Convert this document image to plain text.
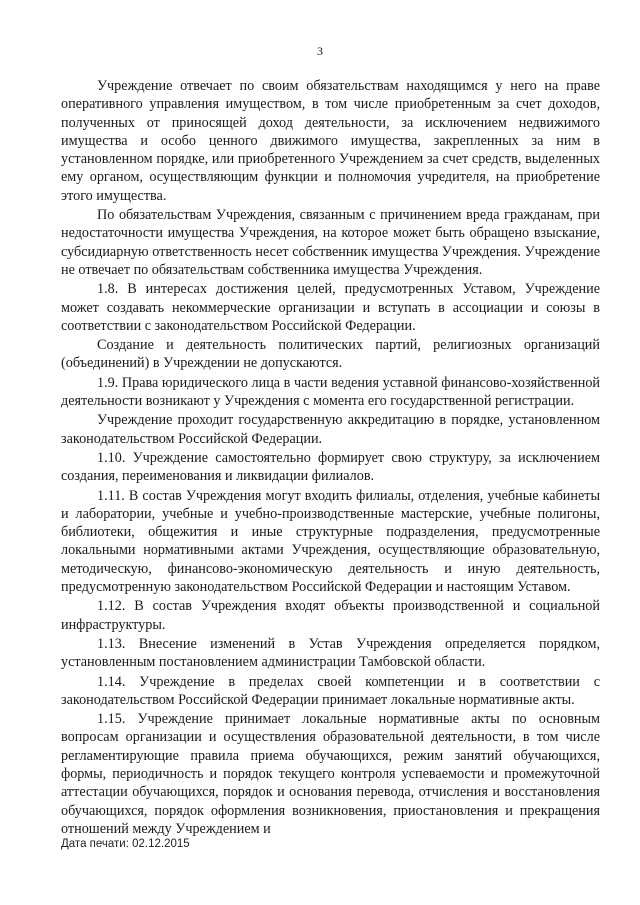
3

Учреждение отвечает по своим обязательствам находящимся у него на праве оперативного управления имуществом, в том числе приобретенным за счет доходов, полученных от приносящей доход деятельности, за исключением недвижимого имущества и особо ценного движимого имущества, закрепленных за ним в установленном порядке, или приобретенного Учреждением за счет средств, выделенных ему органом, осуществляющим функции и полномочия учредителя, на приобретение этого имущества.

По обязательствам Учреждения, связанным с причинением вреда гражданам, при недостаточности имущества Учреждения, на которое может быть обращено взыскание, субсидиарную ответственность несет собственник имущества Учреждения. Учреждение не отвечает по обязательствам собственника имущества Учреждения.

1.8. В интересах достижения целей, предусмотренных Уставом, Учреждение может создавать некоммерческие организации и вступать в ассоциации и союзы в соответствии с законодательством Российской Федерации.

Создание и деятельность политических партий, религиозных организаций (объединений) в Учреждении не допускаются.

1.9. Права юридического лица в части ведения уставной финансово-хозяйственной деятельности возникают у Учреждения с момента его государственной регистрации.

Учреждение проходит государственную аккредитацию в порядке, установленном законодательством Российской Федерации.

1.10. Учреждение самостоятельно формирует свою структуру, за исключением создания, переименования и ликвидации филиалов.

1.11. В состав Учреждения могут входить филиалы, отделения, учебные кабинеты и лаборатории, учебные и учебно-производственные мастерские, учебные полигоны, библиотеки, общежития и иные структурные подразделения, предусмотренные локальными нормативными актами Учреждения, осуществляющие образовательную, методическую, финансово-экономическую деятельность и иную деятельность, предусмотренную законодательством Российской Федерации и настоящим Уставом.

1.12. В состав Учреждения входят объекты производственной и социальной инфраструктуры.

1.13. Внесение изменений в Устав Учреждения определяется порядком, установленным постановлением администрации Тамбовской области.

1.14. Учреждение в пределах своей компетенции и в соответствии с законодательством Российской Федерации принимает локальные нормативные акты.

1.15. Учреждение принимает локальные нормативные акты по основным вопросам организации и осуществления образовательной деятельности, в том числе регламентирующие правила приема обучающихся, режим занятий обучающихся, формы, периодичность и порядок текущего контроля успеваемости и промежуточной аттестации обучающихся, порядок и основания перевода, отчисления и восстановления обучающихся, порядок оформления возникновения, приостановления и прекращения отношений между Учреждением и

Дата печати: 02.12.2015
